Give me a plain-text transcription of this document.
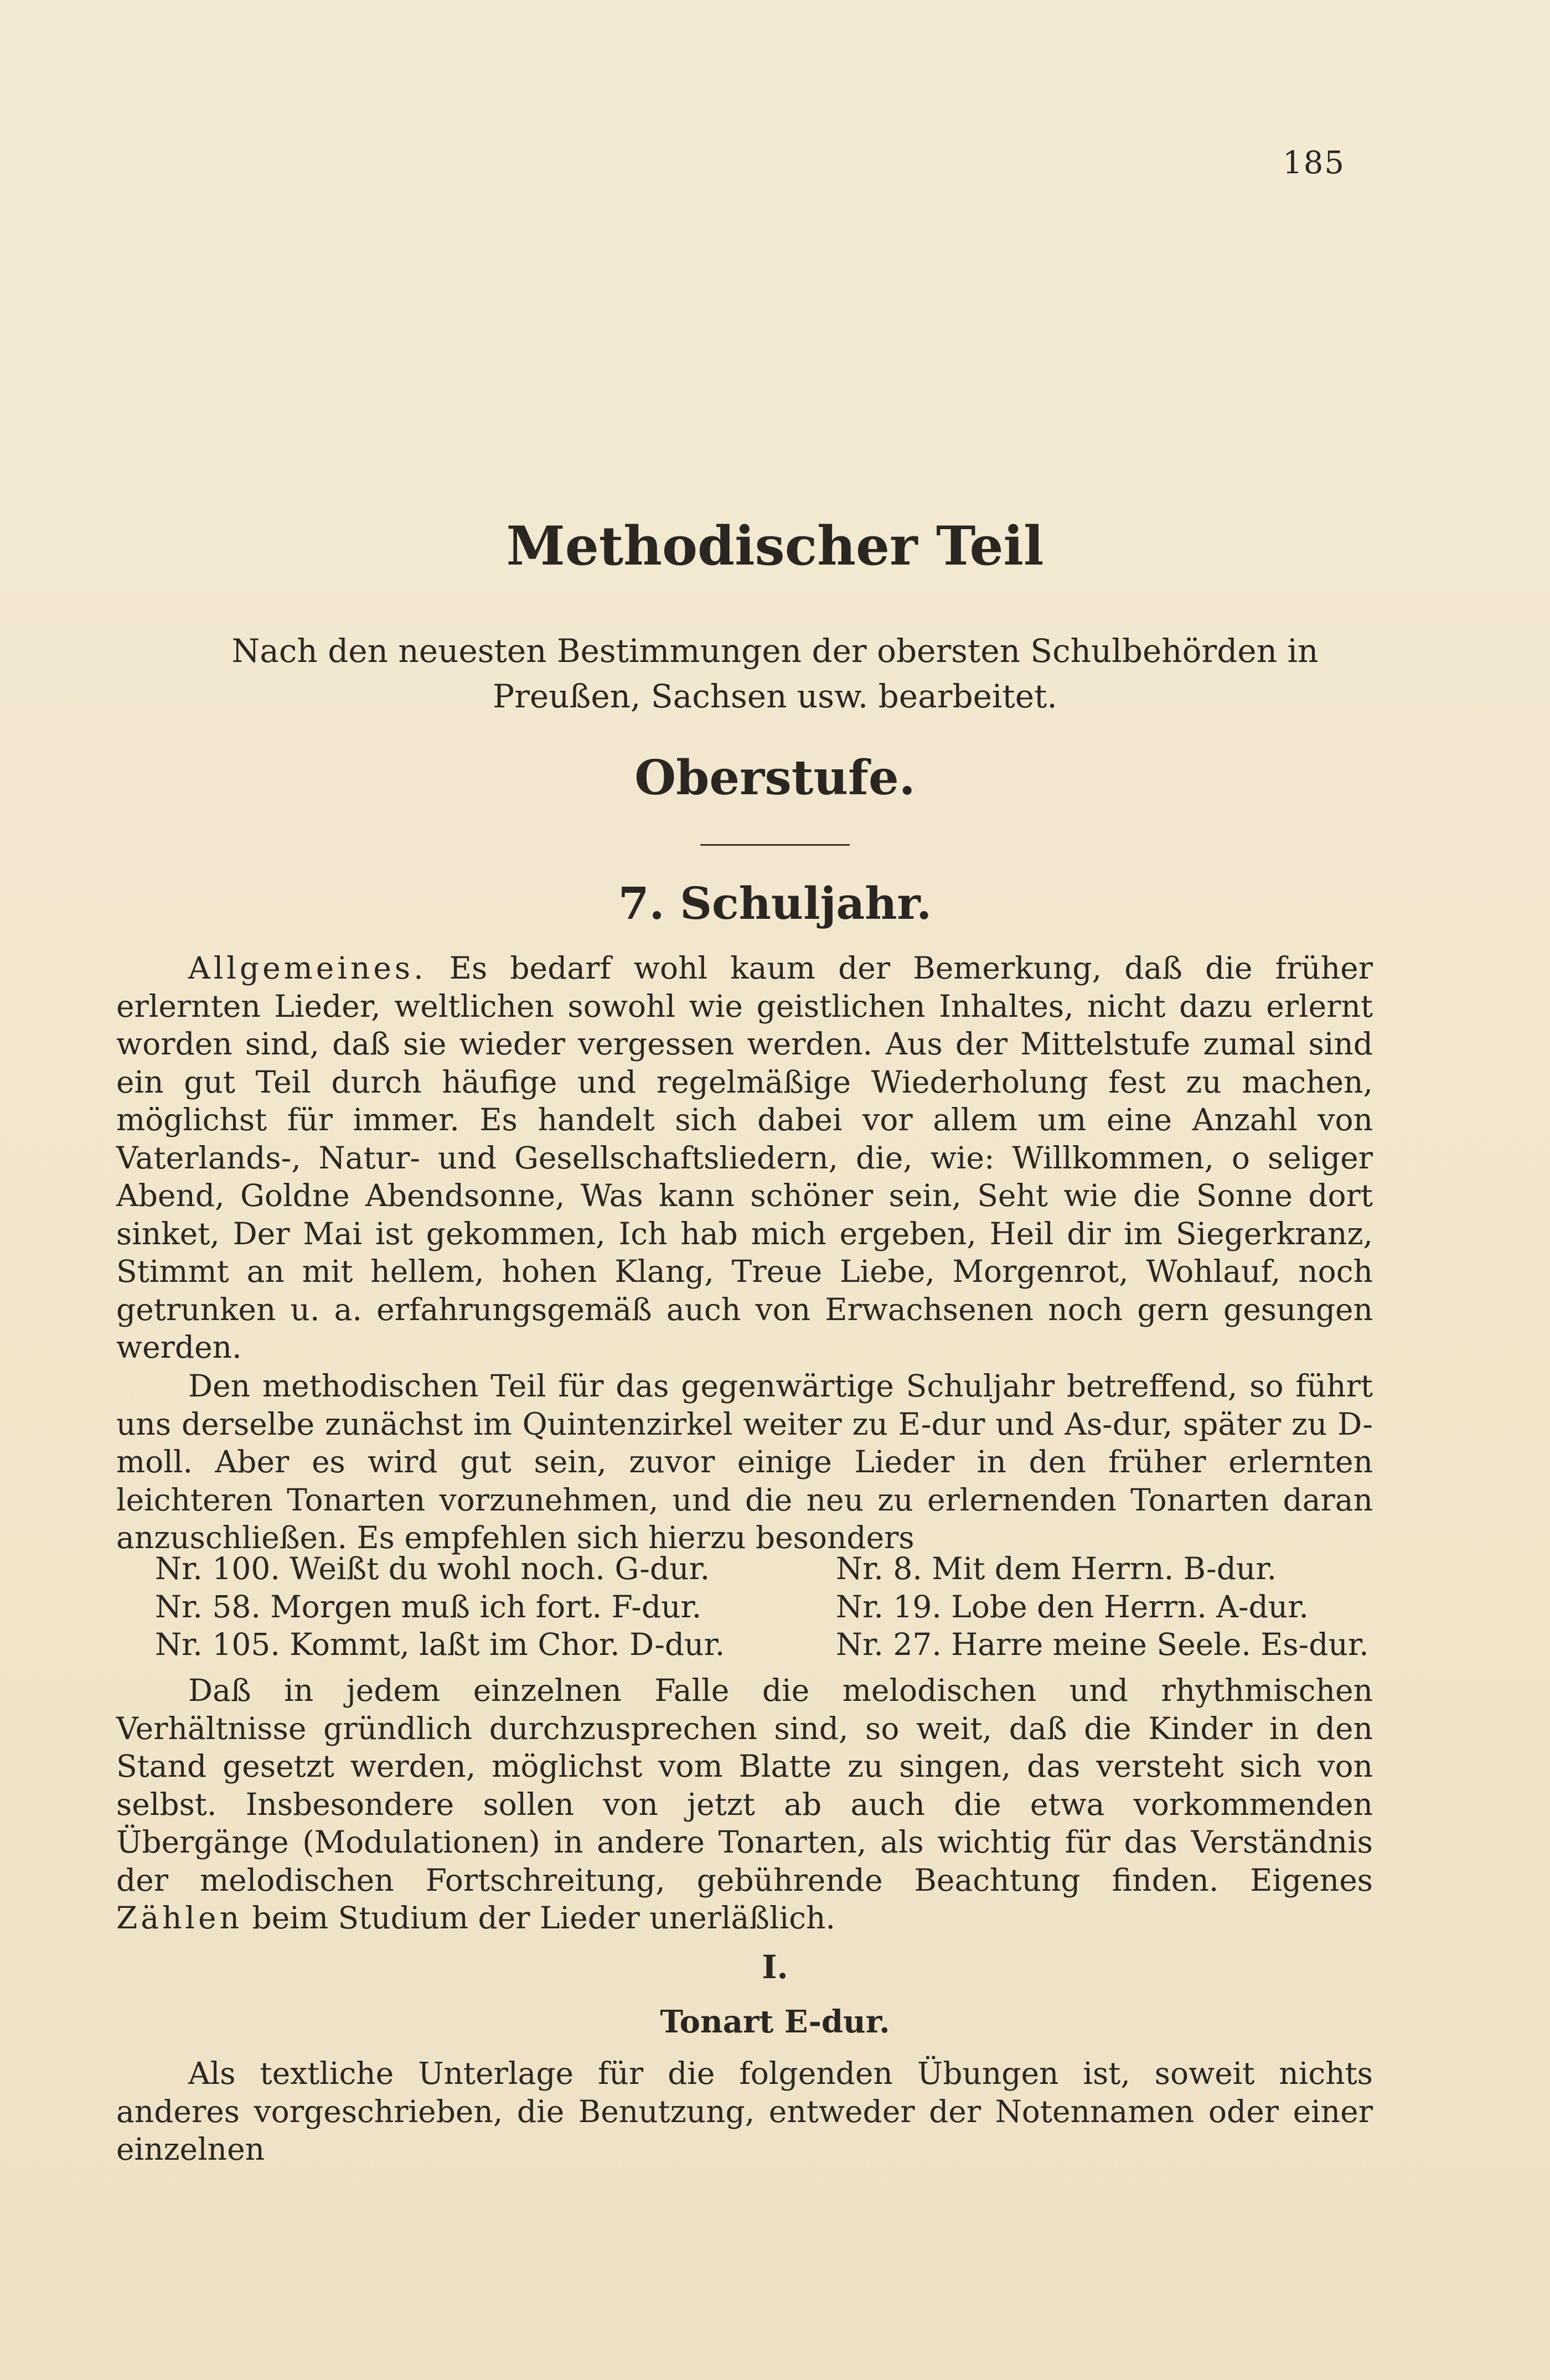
185
Methodischer Teil
Nach den neuesten Bestimmungen der obersten Schulbehörden in Preußen, Sachsen usw. bearbeitet.
Oberstufe.
7. Schuljahr.

Allgemeines. Es bedarf wohl kaum der Bemerkung, daß die früher erlernten Lieder, weltlichen sowohl wie geistlichen Inhaltes, nicht dazu erlernt worden sind, daß sie wieder vergessen werden. Aus der Mittelstufe zumal sind ein gut Teil durch häufige und regelmäßige Wiederholung fest zu machen, möglichst für immer. Es handelt sich dabei vor allem um eine Anzahl von Vaterlands-, Natur- und Gesellschaftsliedern, die, wie: Willkommen, o seliger Abend, Goldne Abendsonne, Was kann schöner sein, Seht wie die Sonne dort sinket, Der Mai ist gekommen, Ich hab mich ergeben, Heil dir im Siegerkranz, Stimmt an mit hellem, hohen Klang, Treue Liebe, Morgenrot, Wohlauf, noch getrunken u. a. erfahrungsgemäß auch von Erwachsenen noch gern gesungen werden.

Den methodischen Teil für das gegenwärtige Schuljahr betreffend, so führt uns derselbe zunächst im Quintenzirkel weiter zu E-dur und As-dur, später zu D-moll. Aber es wird gut sein, zuvor einige Lieder in den früher erlernten leichteren Tonarten vorzunehmen, und die neu zu erlernenden Tonarten daran anzuschließen. Es empfehlen sich hierzu besonders

Nr. 100. Weißt du wohl noch. G-dur.	Nr. 8. Mit dem Herrn. B-dur.
Nr. 58. Morgen muß ich fort. F-dur.	Nr. 19. Lobe den Herrn. A-dur.
Nr. 105. Kommt, laßt im Chor. D-dur.	Nr. 27. Harre meine Seele. Es-dur.

Daß in jedem einzelnen Falle die melodischen und rhythmischen Verhältnisse gründlich durchzusprechen sind, so weit, daß die Kinder in den Stand gesetzt werden, möglichst vom Blatte zu singen, das versteht sich von selbst. Insbesondere sollen von jetzt ab auch die etwa vorkommenden Übergänge (Modulationen) in andere Tonarten, als wichtig für das Verständnis der melodischen Fortschreitung, gebührende Beachtung finden. Eigenes Zählen beim Studium der Lieder unerläßlich.

I.
Tonart E-dur.

Als textliche Unterlage für die folgenden Übungen ist, soweit nichts anderes vorgeschrieben, die Benutzung, entweder der Notennamen oder einer einzelnen
